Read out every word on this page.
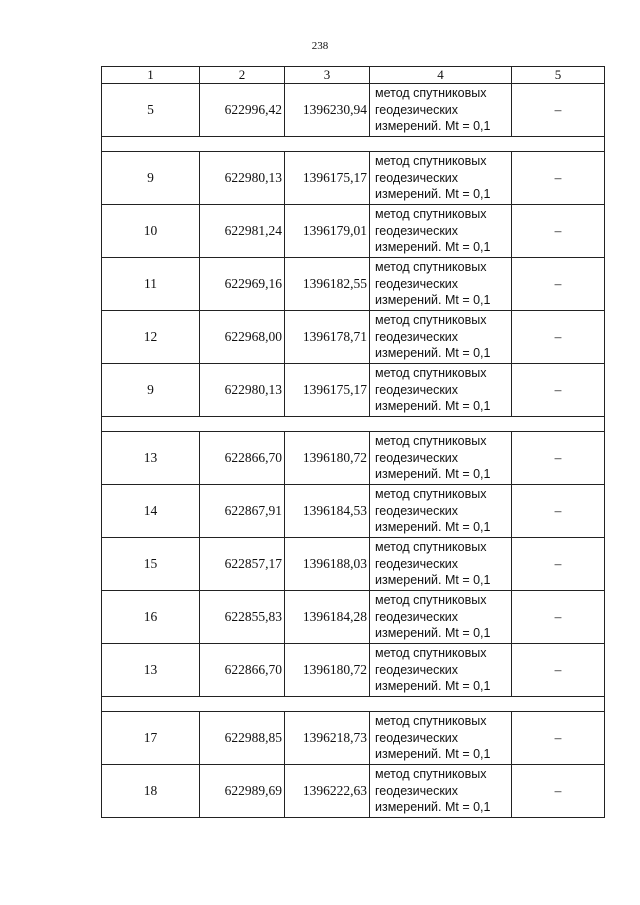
238
1	2	3	4	5
5	622996,42	1396230,94	метод спутниковых
геодезических
измерений. Mt = 0,1	–

9	622980,13	1396175,17	метод спутниковых
геодезических
измерений. Mt = 0,1	–
10	622981,24	1396179,01	метод спутниковых
геодезических
измерений. Mt = 0,1	–
11	622969,16	1396182,55	метод спутниковых
геодезических
измерений. Mt = 0,1	–
12	622968,00	1396178,71	метод спутниковых
геодезических
измерений. Mt = 0,1	–
9	622980,13	1396175,17	метод спутниковых
геодезических
измерений. Mt = 0,1	–

13	622866,70	1396180,72	метод спутниковых
геодезических
измерений. Mt = 0,1	–
14	622867,91	1396184,53	метод спутниковых
геодезических
измерений. Mt = 0,1	–
15	622857,17	1396188,03	метод спутниковых
геодезических
измерений. Mt = 0,1	–
16	622855,83	1396184,28	метод спутниковых
геодезических
измерений. Mt = 0,1	–
13	622866,70	1396180,72	метод спутниковых
геодезических
измерений. Mt = 0,1	–

17	622988,85	1396218,73	метод спутниковых
геодезических
измерений. Mt = 0,1	–
18	622989,69	1396222,63	метод спутниковых
геодезических
измерений. Mt = 0,1	–
